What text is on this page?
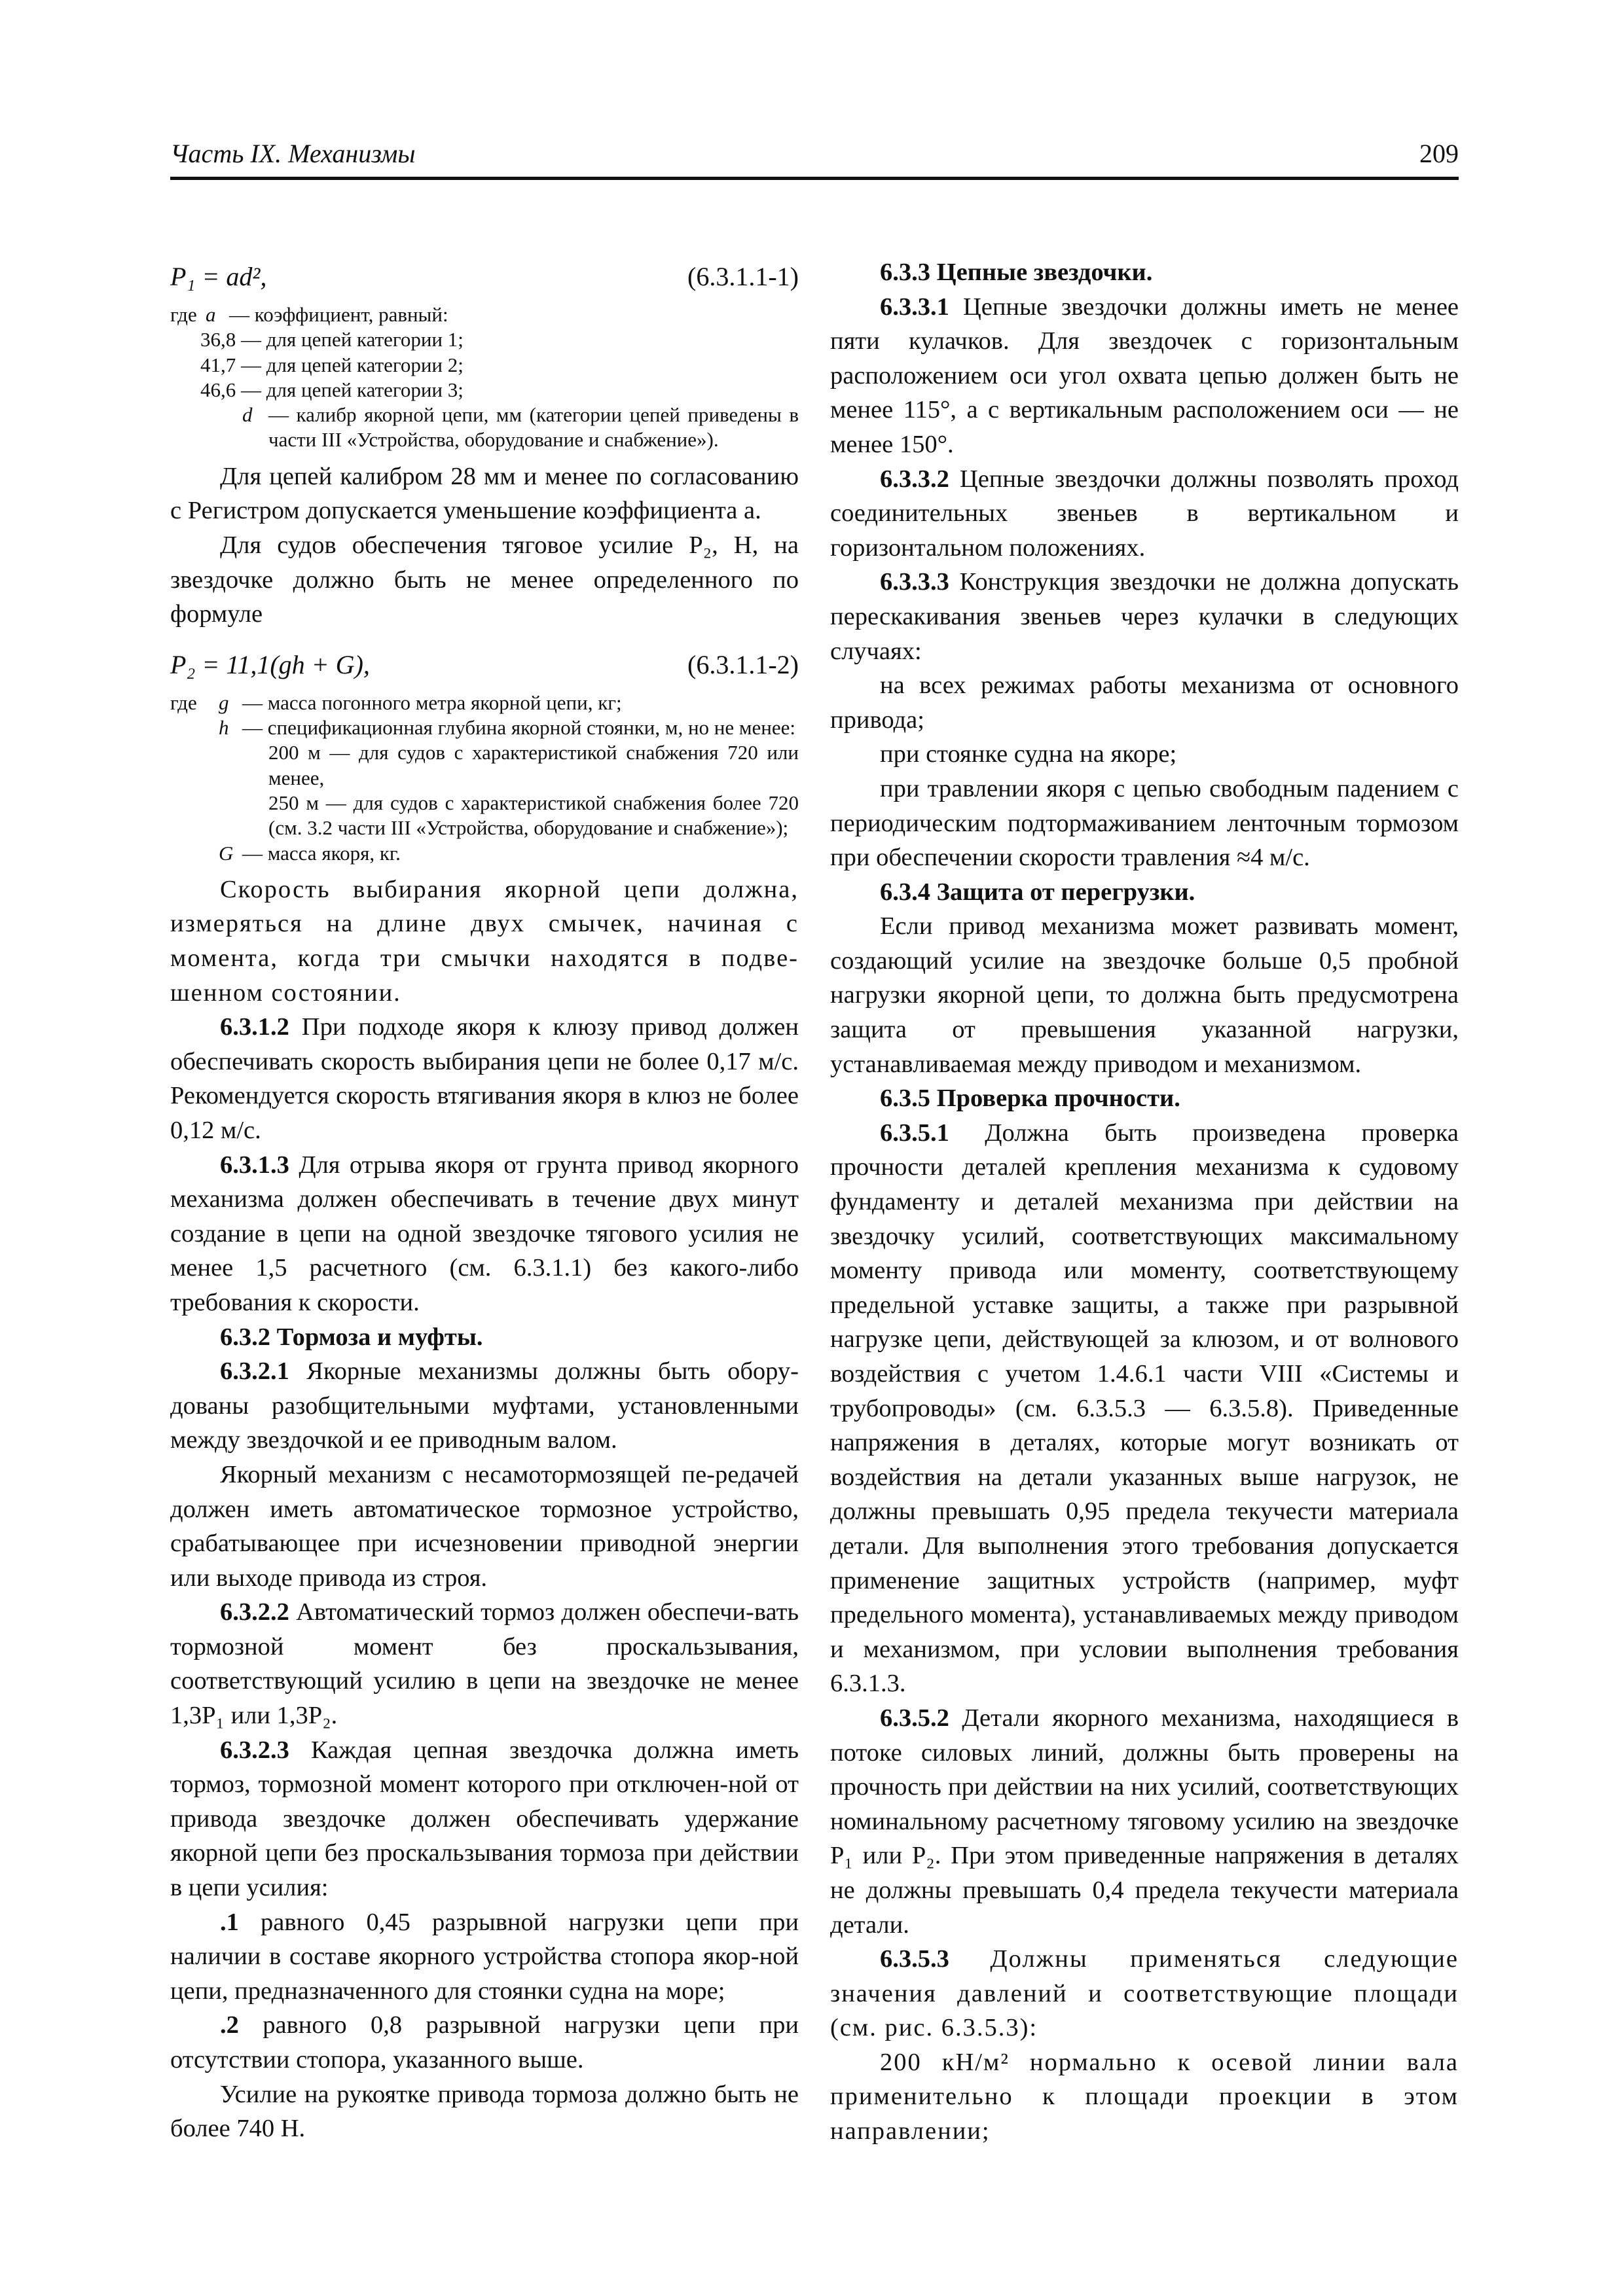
Часть IX. Механизмы	209
P₁ = ad²,	(6.3.1.1-1)
где a — коэффициент, равный:
36,8 — для цепей категории 1;
41,7 — для цепей категории 2;
46,6 — для цепей категории 3;
d — калибр якорной цепи, мм (категории цепей приведены в части III «Устройства, оборудование и снабжение»).

Для цепей калибром 28 мм и менее по согласованию с Регистром допускается уменьшение коэффициента a.

Для судов обеспечения тяговое усилие P₂, Н, на звездочке должно быть не менее определенного по формуле

P₂ = 11,1(gh + G),	(6.3.1.1-2)
где g — масса погонного метра якорной цепи, кг;
h — спецификационная глубина якорной стоянки, м, но не менее:
200 м — для судов с характеристикой снабжения 720 или менее,
250 м — для судов с характеристикой снабжения более 720 (см. 3.2 части III «Устройства, оборудование и снабжение»);
G — масса якоря, кг.

Скорость выбирания якорной цепи должна, измеряться на длине двух смычек, начиная с момента, когда три смычки находятся в подве-шенном состоянии.

6.3.1.2 При подходе якоря к клюзу привод должен обеспечивать скорость выбирания цепи не более 0,17 м/с. Рекомендуется скорость втягивания якоря в клюз не более 0,12 м/с.

6.3.1.3 Для отрыва якоря от грунта привод якорного механизма должен обеспечивать в течение двух минут создание в цепи на одной звездочке тягового усилия не менее 1,5 расчетного (см. 6.3.1.1) без какого-либо требования к скорости.

6.3.2 Тормоза и муфты.

6.3.2.1 Якорные механизмы должны быть обору-дованы разобщительными муфтами, установленными между звездочкой и ее приводным валом.

Якорный механизм с несамотормозящей пе-редачей должен иметь автоматическое тормозное устройство, срабатывающее при исчезновении приводной энергии или выходе привода из строя.

6.3.2.2 Автоматический тормоз должен обеспечи-вать тормозной момент без проскальзывания, соответствующий усилию в цепи на звездочке не менее 1,3P₁ или 1,3P₂.

6.3.2.3 Каждая цепная звездочка должна иметь тормоз, тормозной момент которого при отключен-ной от привода звездочке должен обеспечивать удержание якорной цепи без проскальзывания тормоза при действии в цепи усилия:

.1 равного 0,45 разрывной нагрузки цепи при наличии в составе якорного устройства стопора якор-ной цепи, предназначенного для стоянки судна на море;

.2 равного 0,8 разрывной нагрузки цепи при отсутствии стопора, указанного выше.

Усилие на рукоятке привода тормоза должно быть не более 740 Н.

6.3.3 Цепные звездочки.

6.3.3.1 Цепные звездочки должны иметь не менее пяти кулачков. Для звездочек с горизонтальным расположением оси угол охвата цепью должен быть не менее 115°, а с вертикальным расположением оси — не менее 150°.

6.3.3.2 Цепные звездочки должны позволять проход соединительных звеньев в вертикальном и горизонтальном положениях.

6.3.3.3 Конструкция звездочки не должна допускать перескакивания звеньев через кулачки в следующих случаях:

на всех режимах работы механизма от основного привода;

при стоянке судна на якоре;

при травлении якоря с цепью свободным падением с периодическим подтормаживанием ленточным тормозом при обеспечении скорости травления ≈4 м/с.

6.3.4 Защита от перегрузки.

Если привод механизма может развивать момент, создающий усилие на звездочке больше 0,5 пробной нагрузки якорной цепи, то должна быть предусмотрена защита от превышения указанной нагрузки, устанавливаемая между приводом и механизмом.

6.3.5 Проверка прочности.

6.3.5.1 Должна быть произведена проверка прочности деталей крепления механизма к судовому фундаменту и деталей механизма при действии на звездочку усилий, соответствующих максимальному моменту привода или моменту, соответствующему предельной уставке защиты, а также при разрывной нагрузке цепи, действующей за клюзом, и от волнового воздействия с учетом 1.4.6.1 части VIII «Системы и трубопроводы» (см. 6.3.5.3 — 6.3.5.8). Приведенные напряжения в деталях, которые могут возникать от воздействия на детали указанных выше нагрузок, не должны превышать 0,95 предела текучести материала детали. Для выполнения этого требования допускается применение защитных устройств (например, муфт предельного момента), устанавливаемых между приводом и механизмом, при условии выполнения требования 6.3.1.3.

6.3.5.2 Детали якорного механизма, находящиеся в потоке силовых линий, должны быть проверены на прочность при действии на них усилий, соответствующих номинальному расчетному тяговому усилию на звездочке P₁ или P₂. При этом приведенные напряжения в деталях не должны превышать 0,4 предела текучести материала детали.

6.3.5.3 Должны применяться следующие значения давлений и соответствующие площади (см. рис. 6.3.5.3):

200 кН/м² нормально к осевой линии вала применительно к площади проекции в этом направлении;
